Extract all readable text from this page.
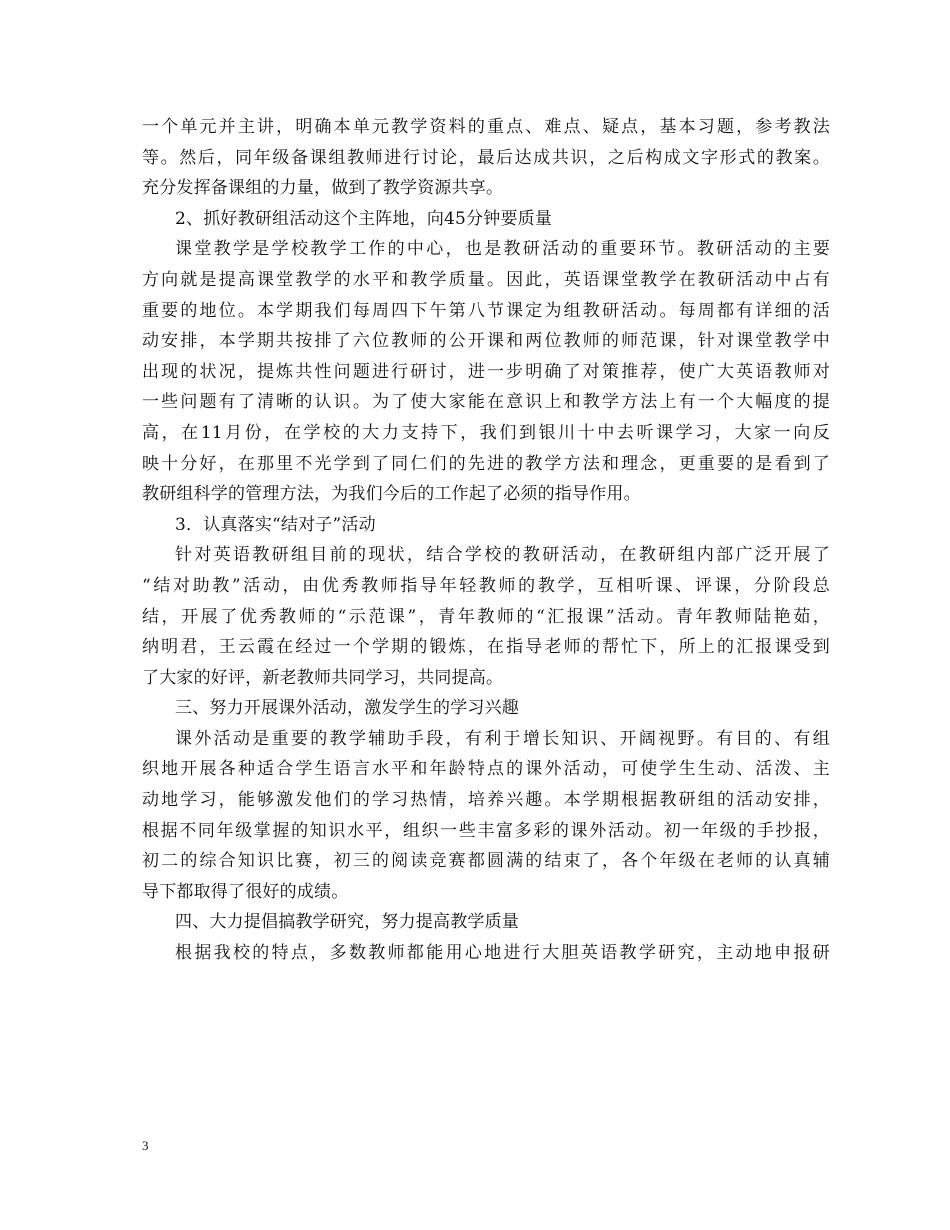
一个单元并主讲，明确本单元教学资料的重点、难点、疑点，基本习题，参考教法
等。然后，同年级备课组教师进行讨论，最后达成共识，之后构成文字形式的教案。
充分发挥备课组的力量，做到了教学资源共享。
2、抓好教研组活动这个主阵地，向45分钟要质量
课堂教学是学校教学工作的中心，也是教研活动的重要环节。教研活动的主要
方向就是提高课堂教学的水平和教学质量。因此，英语课堂教学在教研活动中占有
重要的地位。本学期我们每周四下午第八节课定为组教研活动。每周都有详细的活
动安排，本学期共按排了六位教师的公开课和两位教师的师范课，针对课堂教学中
出现的状况，提炼共性问题进行研讨，进一步明确了对策推荐，使广大英语教师对
一些问题有了清晰的认识。为了使大家能在意识上和教学方法上有一个大幅度的提
高，在11月份，在学校的大力支持下，我们到银川十中去听课学习，大家一向反
映十分好，在那里不光学到了同仁们的先进的教学方法和理念，更重要的是看到了
教研组科学的管理方法，为我们今后的工作起了必须的指导作用。
3．认真落实“结对子”活动
针对英语教研组目前的现状，结合学校的教研活动，在教研组内部广泛开展了
“结对助教”活动，由优秀教师指导年轻教师的教学，互相听课、评课，分阶段总
结，开展了优秀教师的“示范课”，青年教师的“汇报课”活动。青年教师陆艳茹，
纳明君，王云霞在经过一个学期的锻炼，在指导老师的帮忙下，所上的汇报课受到
了大家的好评，新老教师共同学习，共同提高。
三、努力开展课外活动，激发学生的学习兴趣
课外活动是重要的教学辅助手段，有利于增长知识、开阔视野。有目的、有组
织地开展各种适合学生语言水平和年龄特点的课外活动，可使学生生动、活泼、主
动地学习，能够激发他们的学习热情，培养兴趣。本学期根据教研组的活动安排，
根据不同年级掌握的知识水平，组织一些丰富多彩的课外活动。初一年级的手抄报，
初二的综合知识比赛，初三的阅读竞赛都圆满的结束了，各个年级在老师的认真辅
导下都取得了很好的成绩。
四、大力提倡搞教学研究，努力提高教学质量
根据我校的特点，多数教师都能用心地进行大胆英语教学研究，主动地申报研
3
